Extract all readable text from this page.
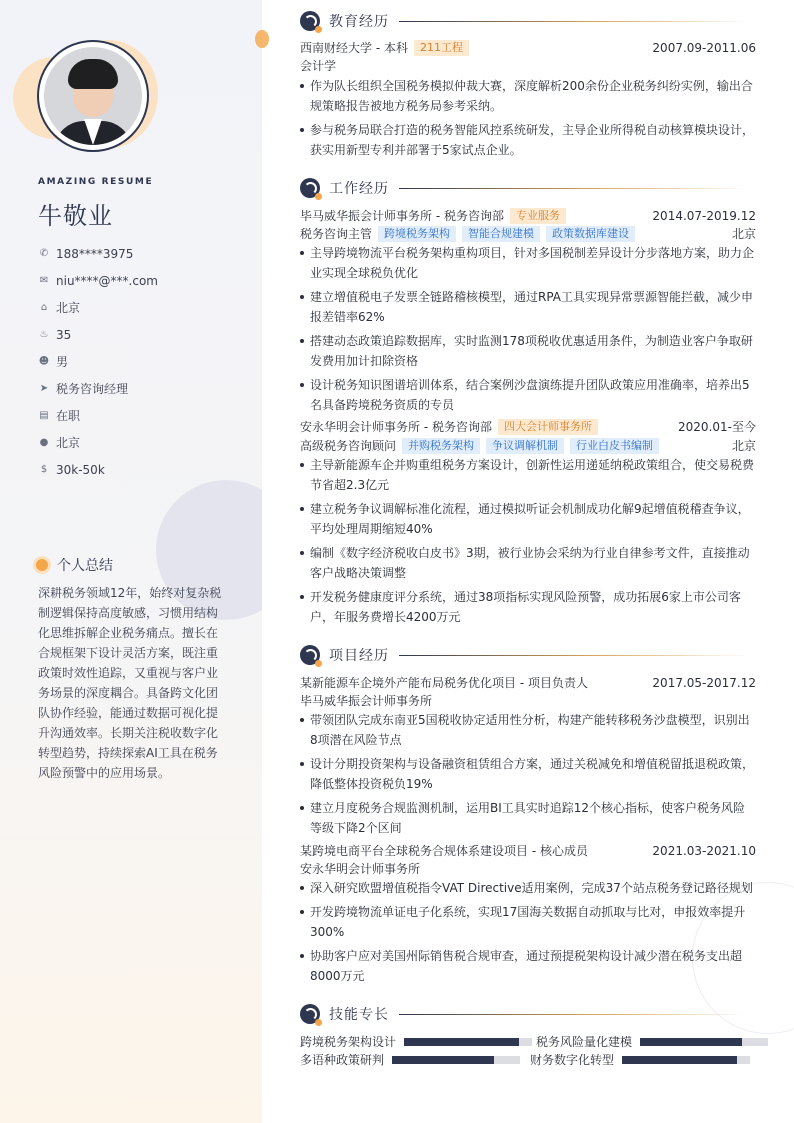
AMAZING RESUME
牛敬业
✆ 188****3975
✉ niu****@***.com
⌂ 北京
♨ 35
☻ 男
➤ 税务咨询经理
▤ 在职
● 北京
$ 30k-50k
个人总结
深耕税务领域12年，始终对复杂税制逻辑保持高度敏感，习惯用结构化思维拆解企业税务痛点。擅长在合规框架下设计灵活方案，既注重政策时效性追踪，又重视与客户业务场景的深度耦合。具备跨文化团队协作经验，能通过数据可视化提升沟通效率。长期关注税收数字化转型趋势，持续探索AI工具在税务风险预警中的应用场景。
教育经历
西南财经大学 - 本科	211工程	2007.09-2011.06
会计学
作为队长组织全国税务模拟仲裁大赛，深度解析200余份企业税务纠纷实例，输出合规策略报告被地方税务局参考采纳。
参与税务局联合打造的税务智能风控系统研发，主导企业所得税自动核算模块设计，获实用新型专利并部署于5家试点企业。
工作经历
毕马威华振会计师事务所 - 税务咨询部	专业服务	2014.07-2019.12
税务咨询主管	跨境税务架构	智能合规建模	政策数据库建设	北京
主导跨境物流平台税务架构重构项目，针对多国税制差异设计分步落地方案，助力企业实现全球税负优化
建立增值税电子发票全链路稽核模型，通过RPA工具实现异常票源智能拦截，减少申报差错率62%
搭建动态政策追踪数据库，实时监测178项税收优惠适用条件，为制造业客户争取研发费用加计扣除资格
设计税务知识图谱培训体系，结合案例沙盘演练提升团队政策应用准确率，培养出5名具备跨境税务资质的专员
安永华明会计师事务所 - 税务咨询部	四大会计师事务所	2020.01-至今
高级税务咨询顾问	并购税务架构	争议调解机制	行业白皮书编制	北京
主导新能源车企并购重组税务方案设计，创新性运用递延纳税政策组合，使交易税费节省超2.3亿元
建立税务争议调解标准化流程，通过模拟听证会机制成功化解9起增值税稽查争议，平均处理周期缩短40%
编制《数字经济税收白皮书》3期，被行业协会采纳为行业自律参考文件，直接推动客户战略决策调整
开发税务健康度评分系统，通过38项指标实现风险预警，成功拓展6家上市公司客户，年服务费增长4200万元
项目经历
某新能源车企境外产能布局税务优化项目 - 项目负责人	2017.05-2017.12
毕马威华振会计师事务所
带领团队完成东南亚5国税收协定适用性分析，构建产能转移税务沙盘模型，识别出8项潜在风险节点
设计分期投资架构与设备融资租赁组合方案，通过关税减免和增值税留抵退税政策，降低整体投资税负19%
建立月度税务合规监测机制，运用BI工具实时追踪12个核心指标，使客户税务风险等级下降2个区间
某跨境电商平台全球税务合规体系建设项目 - 核心成员	2021.03-2021.10
安永华明会计师事务所
深入研究欧盟增值税指令VAT Directive适用案例，完成37个站点税务登记路径规划
开发跨境物流单证电子化系统，实现17国海关数据自动抓取与比对，申报效率提升300%
协助客户应对美国州际销售税合规审查，通过预提税架构设计减少潜在税务支出超8000万元
技能专长
跨境税务架构设计	税务风险量化建模
多语种政策研判	财务数字化转型
